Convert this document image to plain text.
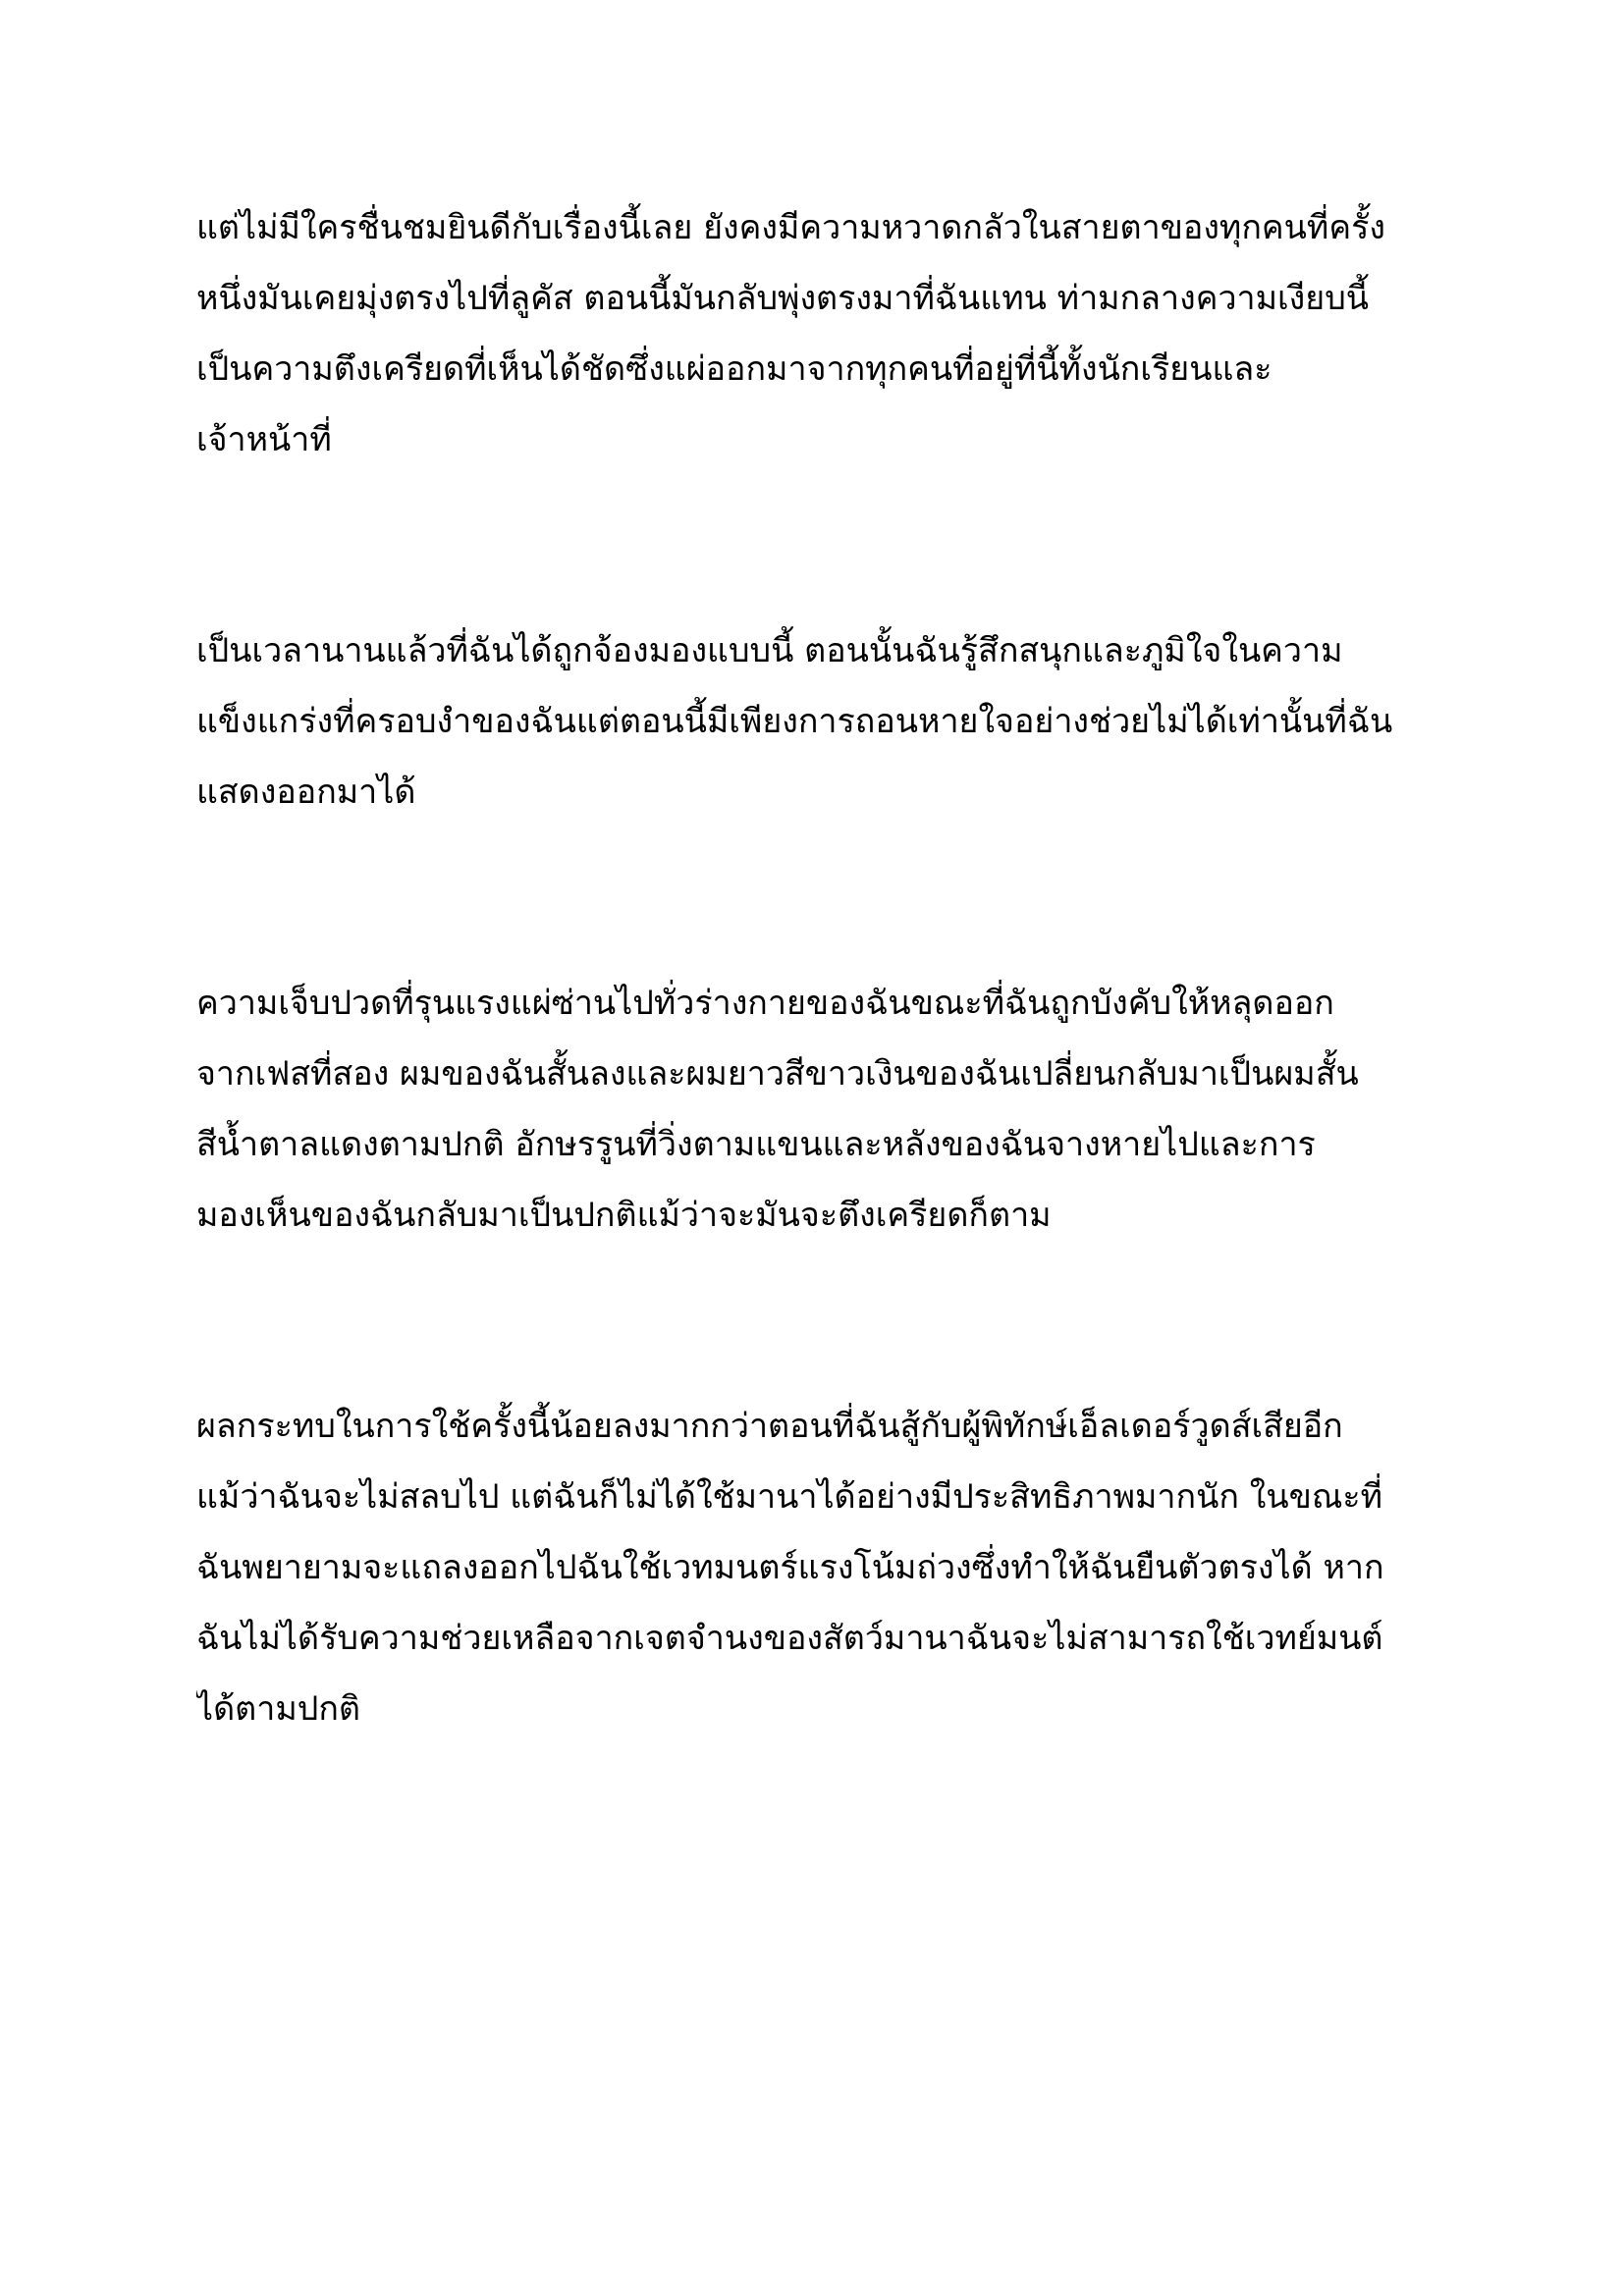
แต่ไม่มีใครชื่นชมยินดีกับเรื่องนี้เลย ยังคงมีความหวาดกลัวในสายตาของทุกคนที่ครั้ง
หนึ่งมันเคยมุ่งตรงไปที่ลูคัส ตอนนี้มันกลับพุ่งตรงมาที่ฉันแทน ท่ามกลางความเงียบนี้
เป็นความตึงเครียดที่เห็นได้ชัดซึ่งแผ่ออกมาจากทุกคนที่อยู่ที่นี้ทั้งนักเรียนและ
เจ้าหน้าที่
เป็นเวลานานแล้วที่ฉันได้ถูกจ้องมองแบบนี้ ตอนนั้นฉันรู้สึกสนุกและภูมิใจในความ
แข็งแกร่งที่ครอบงำของฉันแต่ตอนนี้มีเพียงการถอนหายใจอย่างช่วยไม่ได้เท่านั้นที่ฉัน
แสดงออกมาได้
ความเจ็บปวดที่รุนแรงแผ่ซ่านไปทั่วร่างกายของฉันขณะที่ฉันถูกบังคับให้หลุดออก
จากเฟสที่สอง ผมของฉันสั้นลงและผมยาวสีขาวเงินของฉันเปลี่ยนกลับมาเป็นผมสั้น
สีน้ำตาลแดงตามปกติ อักษรรูนที่วิ่งตามแขนและหลังของฉันจางหายไปและการ
มองเห็นของฉันกลับมาเป็นปกติแม้ว่าจะมันจะตึงเครียดก็ตาม
ผลกระทบในการใช้ครั้งนี้น้อยลงมากกว่าตอนที่ฉันสู้กับผู้พิทักษ์เอ็ลเดอร์วูดส์เสียอีก
แม้ว่าฉันจะไม่สลบไป แต่ฉันก็ไม่ได้ใช้มานาได้อย่างมีประสิทธิภาพมากนัก ในขณะที่
ฉันพยายามจะแถลงออกไปฉันใช้เวทมนตร์แรงโน้มถ่วงซึ่งทำให้ฉันยืนตัวตรงได้ หาก
ฉันไม่ได้รับความช่วยเหลือจากเจตจำนงของสัตว์มานาฉันจะไม่สามารถใช้เวทย์มนต์
ได้ตามปกติ
